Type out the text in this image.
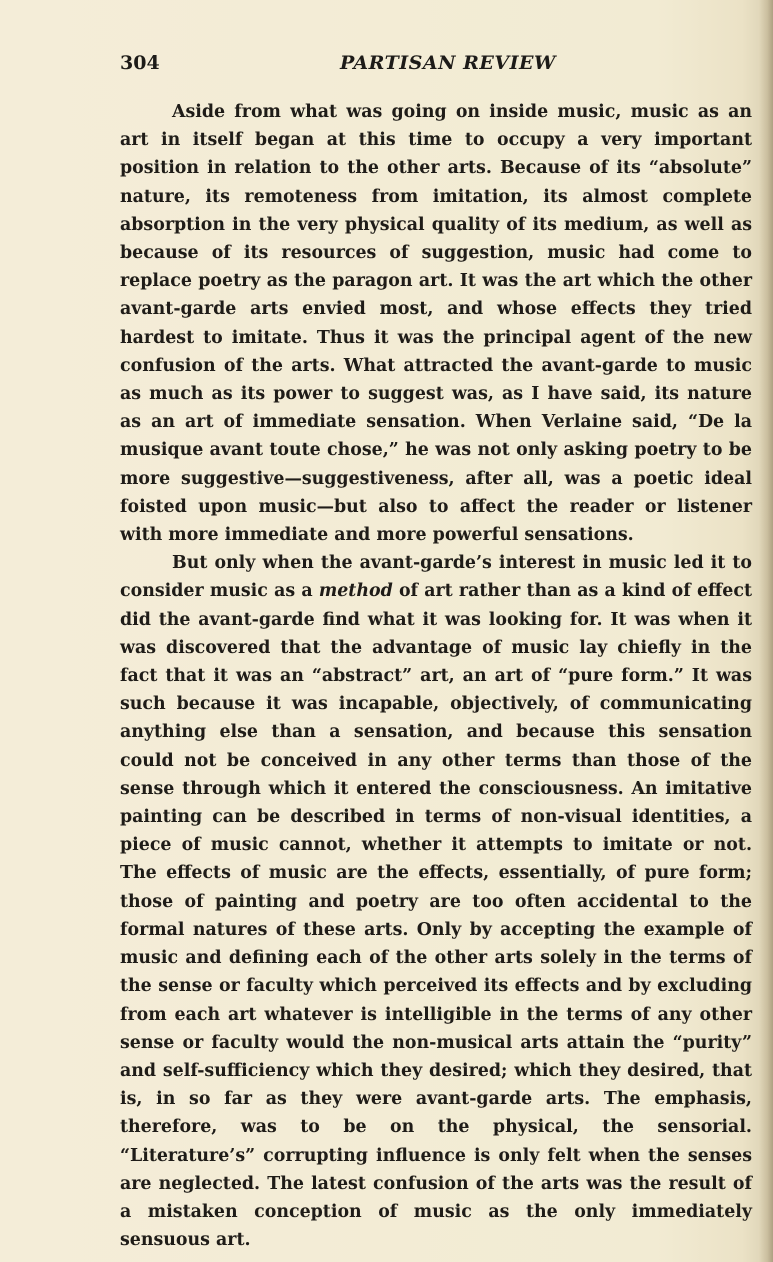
304	PARTISAN REVIEW

Aside from what was going on inside music, music as an art in itself began at this time to occupy a very important position in relation to the other arts. Because of its “absolute” nature, its remoteness from imitation, its almost complete absorption in the very physical quality of its medium, as well as because of its resources of suggestion, music had come to replace poetry as the paragon art. It was the art which the other avant-garde arts envied most, and whose effects they tried hardest to imitate. Thus it was the principal agent of the new confusion of the arts. What attracted the avant-garde to music as much as its power to suggest was, as I have said, its nature as an art of immediate sensation. When Verlaine said, “De la musique avant toute chose,” he was not only asking poetry to be more suggestive—suggestiveness, after all, was a poetic ideal foisted upon music—but also to affect the reader or listener with more immediate and more powerful sensations.

But only when the avant-garde’s interest in music led it to consider music as a method of art rather than as a kind of effect did the avant-garde find what it was looking for. It was when it was discovered that the advantage of music lay chiefly in the fact that it was an “abstract” art, an art of “pure form.” It was such because it was incapable, objectively, of communicating anything else than a sensation, and because this sensation could not be conceived in any other terms than those of the sense through which it entered the consciousness. An imitative painting can be described in terms of non-visual identities, a piece of music cannot, whether it attempts to imitate or not. The effects of music are the effects, essentially, of pure form; those of painting and poetry are too often accidental to the formal natures of these arts. Only by accepting the example of music and defining each of the other arts solely in the terms of the sense or faculty which perceived its effects and by excluding from each art whatever is intelligible in the terms of any other sense or faculty would the non-musical arts attain the “purity” and self-sufficiency which they desired; which they desired, that is, in so far as they were avant-garde arts. The emphasis, therefore, was to be on the physical, the sensorial. “Literature’s” corrupting influence is only felt when the senses are neglected. The latest confusion of the arts was the result of a mistaken conception of music as the only immediately sensuous art.
